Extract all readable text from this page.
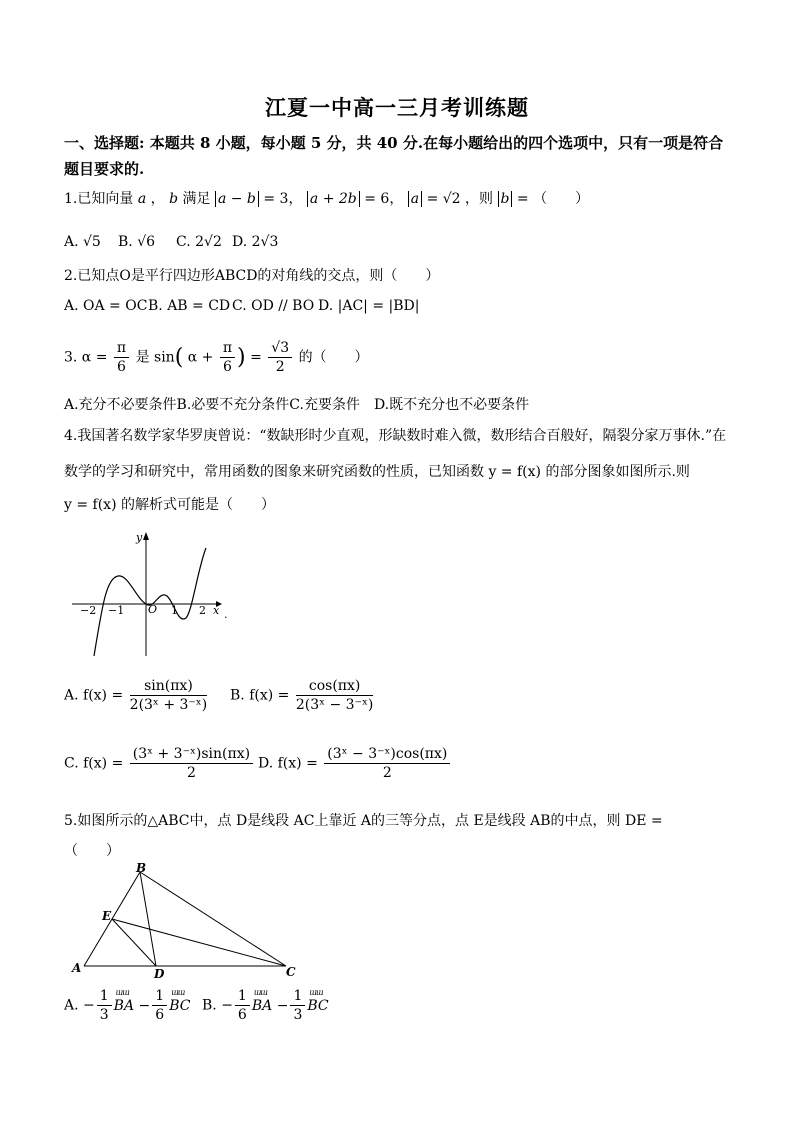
江夏一中高一三月考训练题
一、选择题: 本题共 8 小题，每小题 5 分，共 40 分.在每小题给出的四个选项中，只有一项是符合题目要求的.
1.已知向量 a ， b 满足 a − b = 3， a + 2b = 6， a = √2 ，则 b = （　　）
A. √5 B. √6 C. 2√2 D. 2√3
2.已知点O是平行四边形ABCD的对角线的交点，则（　　）
A. OA = OC B. AB = CD C. OD // BO D. |AC| = |BD|
3. $\alpha = \frac{\pi}{6}$ 是 sin( $\alpha + \frac{\pi}{6}$ ) = $\frac{√3}{2}$ 的（　　）
A.充分不必要条件B.必要不充分条件C.充要条件　D.既不充分也不必要条件
4.我国著名数学家华罗庚曾说：“数缺形时少直观，形缺数时难入微，数形结合百般好，隔裂分家万事休.”在数学的学习和研究中，常用函数的图象来研究函数的性质，已知函数 y = f(x) 的部分图象如图所示.则
y = f(x) 的解析式可能是（　　）
y
x
O
−2 −1	1 2 .
A. $f(x) = \frac{\sin(\pi x)}{\text{2(3ˣ + 3⁻ˣ)}} B$. $f(x) = \frac{\cos(\pi x)}{\text{2(3ˣ − 3⁻ˣ)}}$
C. $f(x) = \frac{\text{(3ˣ + 3⁻ˣ)sin(πx)}}{2} D$. $f(x) = \frac{\text{(3ˣ − 3⁻ˣ)cos(πx)}}{2}$
5.如图所示的△ABC中，点 D是线段 AC上靠近 A的三等分点，点 E是线段 AB的中点，则 DE =
（　　）
B
E
A	D	C
A. − $\frac{1}{3}$ ɯɯ BA − $\frac{1}{6}$ ɯɯ BC B. − $\frac{1}{6}$ ɯɯ BA − $\frac{1}{3}$ ɯɯ BC
